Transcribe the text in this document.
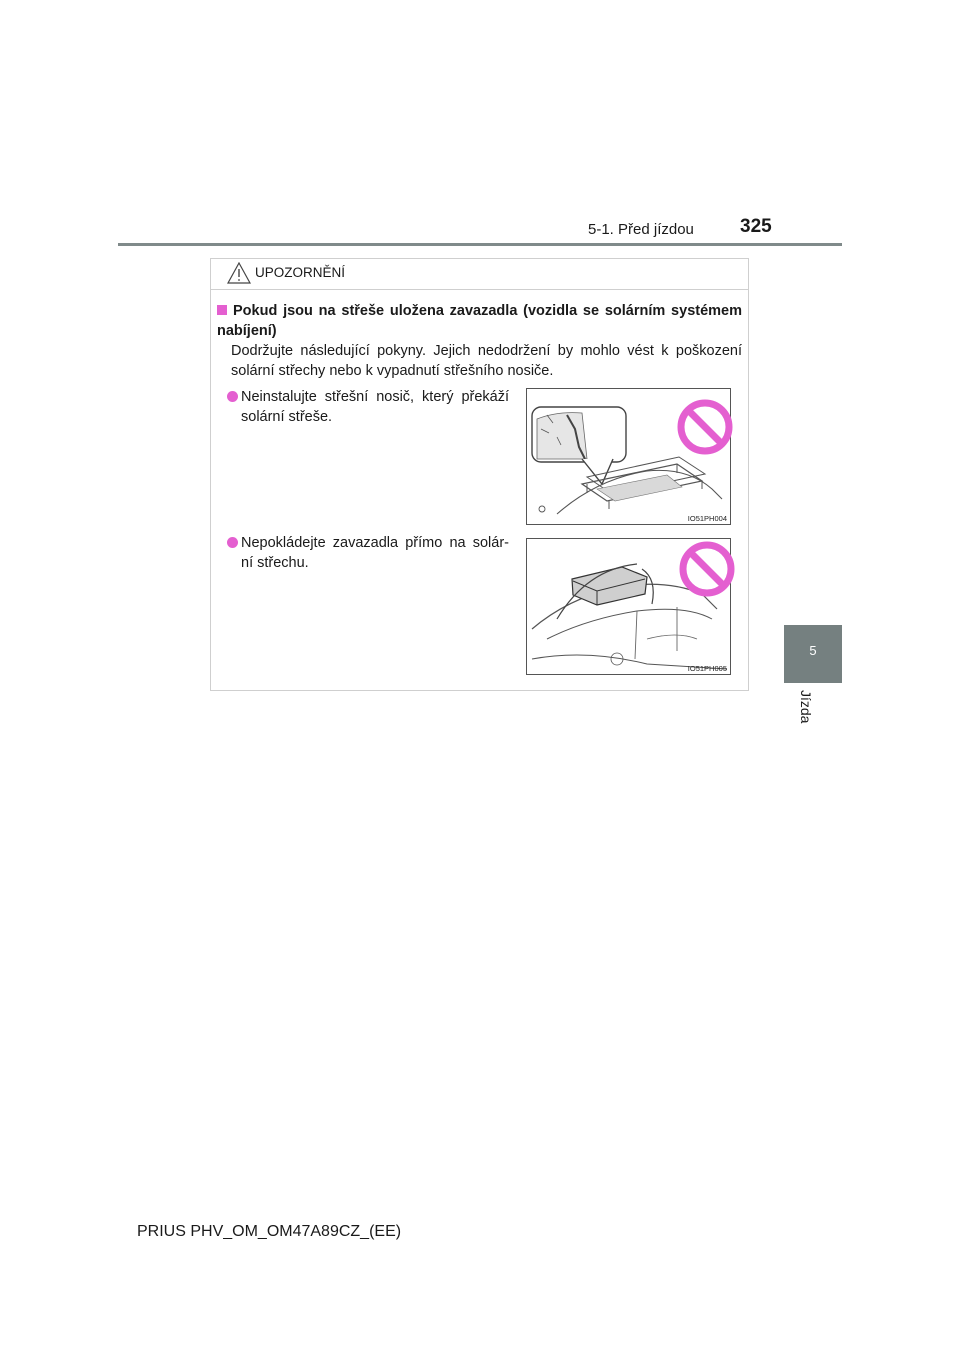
5-1. Před jízdou 325
5
Jízda
UPOZORNĚNÍ
Pokud jsou na střeše uložena zavazadla (vozidla se solárním systémem nabíjení)
Dodržujte následující pokyny. Jejich nedodržení by mohlo vést k poškození solární střechy nebo k vypadnutí střešního nosiče.
Neinstalujte střešní nosič, který překáží solární střeše.
IO51PH004
Nepokládejte zavazadla přímo na solár- ní střechu.
IO51PH005
PRIUS PHV_OM_OM47A89CZ_(EE)
